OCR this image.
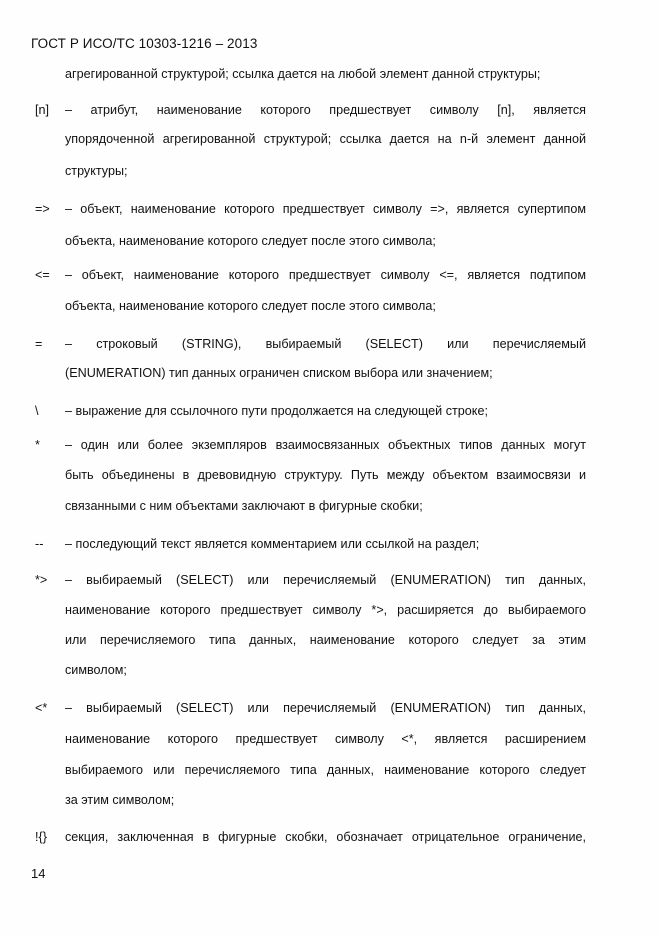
ГОСТ Р ИСО/ТС 10303-1216 – 2013
агрегированной структурой; ссылка дается на любой элемент данной структуры;
[n] – атрибут, наименование которого предшествует символу [n], является
упорядоченной агрегированной структурой; ссылка дается на n-й элемент данной
структуры;
=> – объект, наименование которого предшествует символу =>, является супертипом
объекта, наименование которого следует после этого символа;
<= – объект, наименование которого предшествует символу <=, является подтипом
объекта, наименование которого следует после этого символа;
= – строковый (STRING), выбираемый (SELECT) или перечисляемый
(ENUMERATION) тип данных ограничен списком выбора или значением;
\ – выражение для ссылочного пути продолжается на следующей строке;
* – один или более экземпляров взаимосвязанных объектных типов данных могут
быть объединены в древовидную структуру. Путь между объектом взаимосвязи и
связанными с ним объектами заключают в фигурные скобки;
-- – последующий текст является комментарием или ссылкой на раздел;
*> – выбираемый (SELECT) или перечисляемый (ENUMERATION) тип данных,
наименование которого предшествует символу *>, расширяется до выбираемого
или перечисляемого типа данных, наименование которого следует за этим
символом;
<* – выбираемый (SELECT) или перечисляемый (ENUMERATION) тип данных,
наименование которого предшествует символу <*, является расширением
выбираемого или перечисляемого типа данных, наименование которого следует
за этим символом;
!{} секция, заключенная в фигурные скобки, обозначает отрицательное ограничение,
14
